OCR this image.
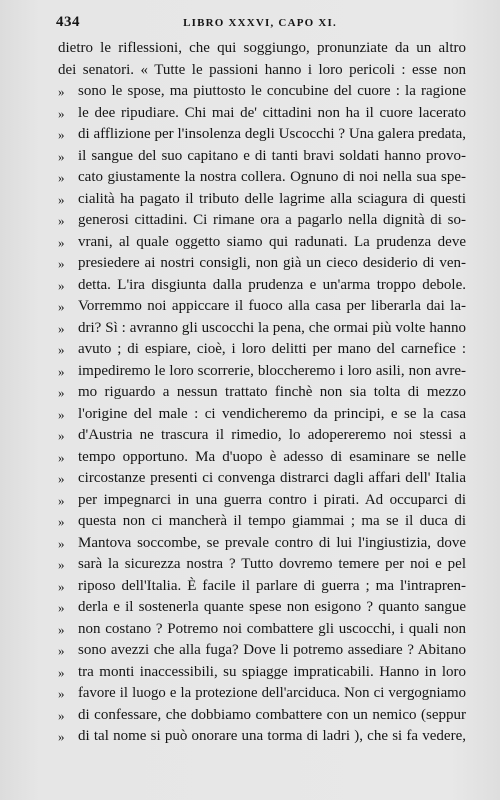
434	LIBRO XXXVI, CAPO XI.
dietro le riflessioni, che qui soggiungo, pronunziate da un altro
dei senatori. « Tutte le passioni hanno i loro pericoli : esse non
» sono le spose, ma piuttosto le concubine del cuore : la ragione
» le dee ripudiare. Chi mai de' cittadini non ha il cuore lacerato
» di afflizione per l'insolenza degli Uscocchi ? Una galera predata,
» il sangue del suo capitano e di tanti bravi soldati hanno provo-
» cato giustamente la nostra collera. Ognuno di noi nella sua spe-
» cialità ha pagato il tributo delle lagrime alla sciagura di questi
» generosi cittadini. Ci rimane ora a pagarlo nella dignità di so-
» vrani, al quale oggetto siamo qui radunati. La prudenza deve
» presiedere ai nostri consigli, non già un cieco desiderio di ven-
» detta. L'ira disgiunta dalla prudenza e un'arma troppo debole.
» Vorremmo noi appiccare il fuoco alla casa per liberarla dai la-
» dri? Sì : avranno gli uscocchi la pena, che ormai più volte hanno
» avuto ; di espiare, cioè, i loro delitti per mano del carnefice :
» impediremo le loro scorrerie, bloccheremo i loro asili, non avre-
» mo riguardo a nessun trattato finchè non sia tolta di mezzo
» l'origine del male : ci vendicheremo da principi, e se la casa
» d'Austria ne trascura il rimedio, lo adopereremo noi stessi a
» tempo opportuno. Ma d'uopo è adesso di esaminare se nelle
» circostanze presenti ci convenga distrarci dagli affari dell' Italia
» per impegnarci in una guerra contro i pirati. Ad occuparci di
» questa non ci mancherà il tempo giammai ; ma se il duca di
» Mantova soccombe, se prevale contro di lui l'ingiustizia, dove
» sarà la sicurezza nostra ? Tutto dovremo temere per noi e pel
» riposo dell'Italia. È facile il parlare di guerra ; ma l'intrapren-
» derla e il sostenerla quante spese non esigono ? quanto sangue
» non costano ? Potremo noi combattere gli uscocchi, i quali non
» sono avezzi che alla fuga? Dove li potremo assediare ? Abitano
» tra monti inaccessibili, su spiagge impraticabili. Hanno in loro
» favore il luogo e la protezione dell'arciduca. Non ci vergogniamo
» di confessare, che dobbiamo combattere con un nemico (seppur
» di tal nome si può onorare una torma di ladri ), che si fa vedere,
